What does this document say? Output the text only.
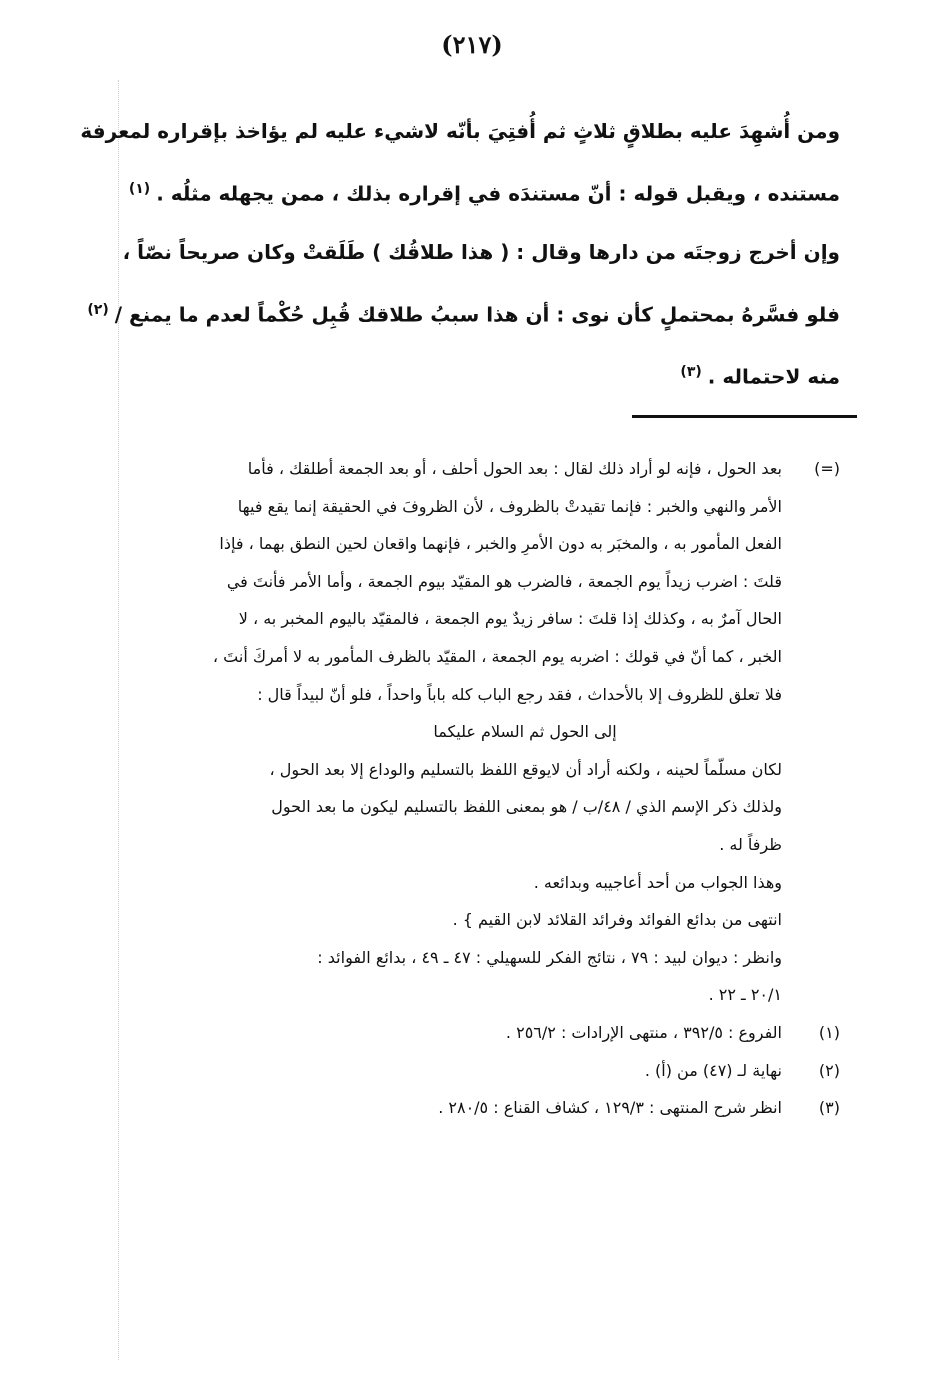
(٢١٧)

ومن أُشهِدَ عليه بطلاقٍ ثلاثٍ ثم أُفتِيَ بأنّه لاشيء عليه لم يؤاخذ بإقراره لمعرفة

مستنده ، ويقبل قوله : أنّ مستندَه في إقراره بذلك ، ممن يجهله مثلُه .$^{(١)}$

وإن أخرج زوجتَه من دارها وقال : ( هذا طلاقُك ) طَلَقتْ وكان صريحاً نصّاً ،

فلو فسَّرهُ بمحتملٍ كأن نوى : أن هذا سببُ طلاقك قُبِل حُكْماً لعدم ما يمنع /$^{(٢)}$

منه لاحتماله .$^{(٣)}$

(=)
بعد الحول ، فإنه لو أراد ذلك لقال : بعد الحول أحلف ، أو بعد الجمعة أطلقك ، فأما
الأمر والنهي والخبر : فإنما تقيدتْ بالظروف ، لأن الظروفَ في الحقيقة إنما يقع فيها
الفعل المأمور به ، والمخبَر به دون الأمرِ والخبر ، فإنهما واقعان لحين النطق بهما ، فإذا
قلتَ : اضرب زيداً يوم الجمعة ، فالضرب هو المقيّد بيوم الجمعة ، وأما الأمر فأنتَ في
الحال آمرٌ به ، وكذلك إذا قلتَ : سافر زيدٌ يوم الجمعة ، فالمقيّد باليوم المخبر به ، لا
الخبر ، كما أنّ في قولك : اضربه يوم الجمعة ، المقيّد بالظرف المأمور به لا أمركَ أنتَ ،
فلا تعلق للظروف إلا بالأحداث ، فقد رجع الباب كله باباً واحداً ، فلو أنّ لبيداً قال :
إلى الحول ثم السلام عليكما
لكان مسلّماً لحينه ، ولكنه أراد أن لايوقع اللفظ بالتسليم والوداع إلا بعد الحول ،
ولذلك ذكر الإسم الذي / ٤٨/ب / هو بمعنى اللفظ بالتسليم ليكون ما بعد الحول
ظرفاً له .
وهذا الجواب من أحد أعاجيبه وبدائعه .
انتهى من بدائع الفوائد وفرائد القلائد لابن القيم } .
وانظر : ديوان لبيد : ٧٩ ، نتائج الفكر للسهيلي : ٤٧ ـ ٤٩ ، بدائع الفوائد :
٢٠/١ ـ ٢٢ .
(١)
الفروع : ٣٩٢/٥ ، منتهى الإرادات : ٢٥٦/٢ .
(٢)
نهاية لـ (٤٧) من (أ) .
(٣)
انظر شرح المنتهى : ١٢٩/٣ ، كشاف القناع : ٢٨٠/٥ .
